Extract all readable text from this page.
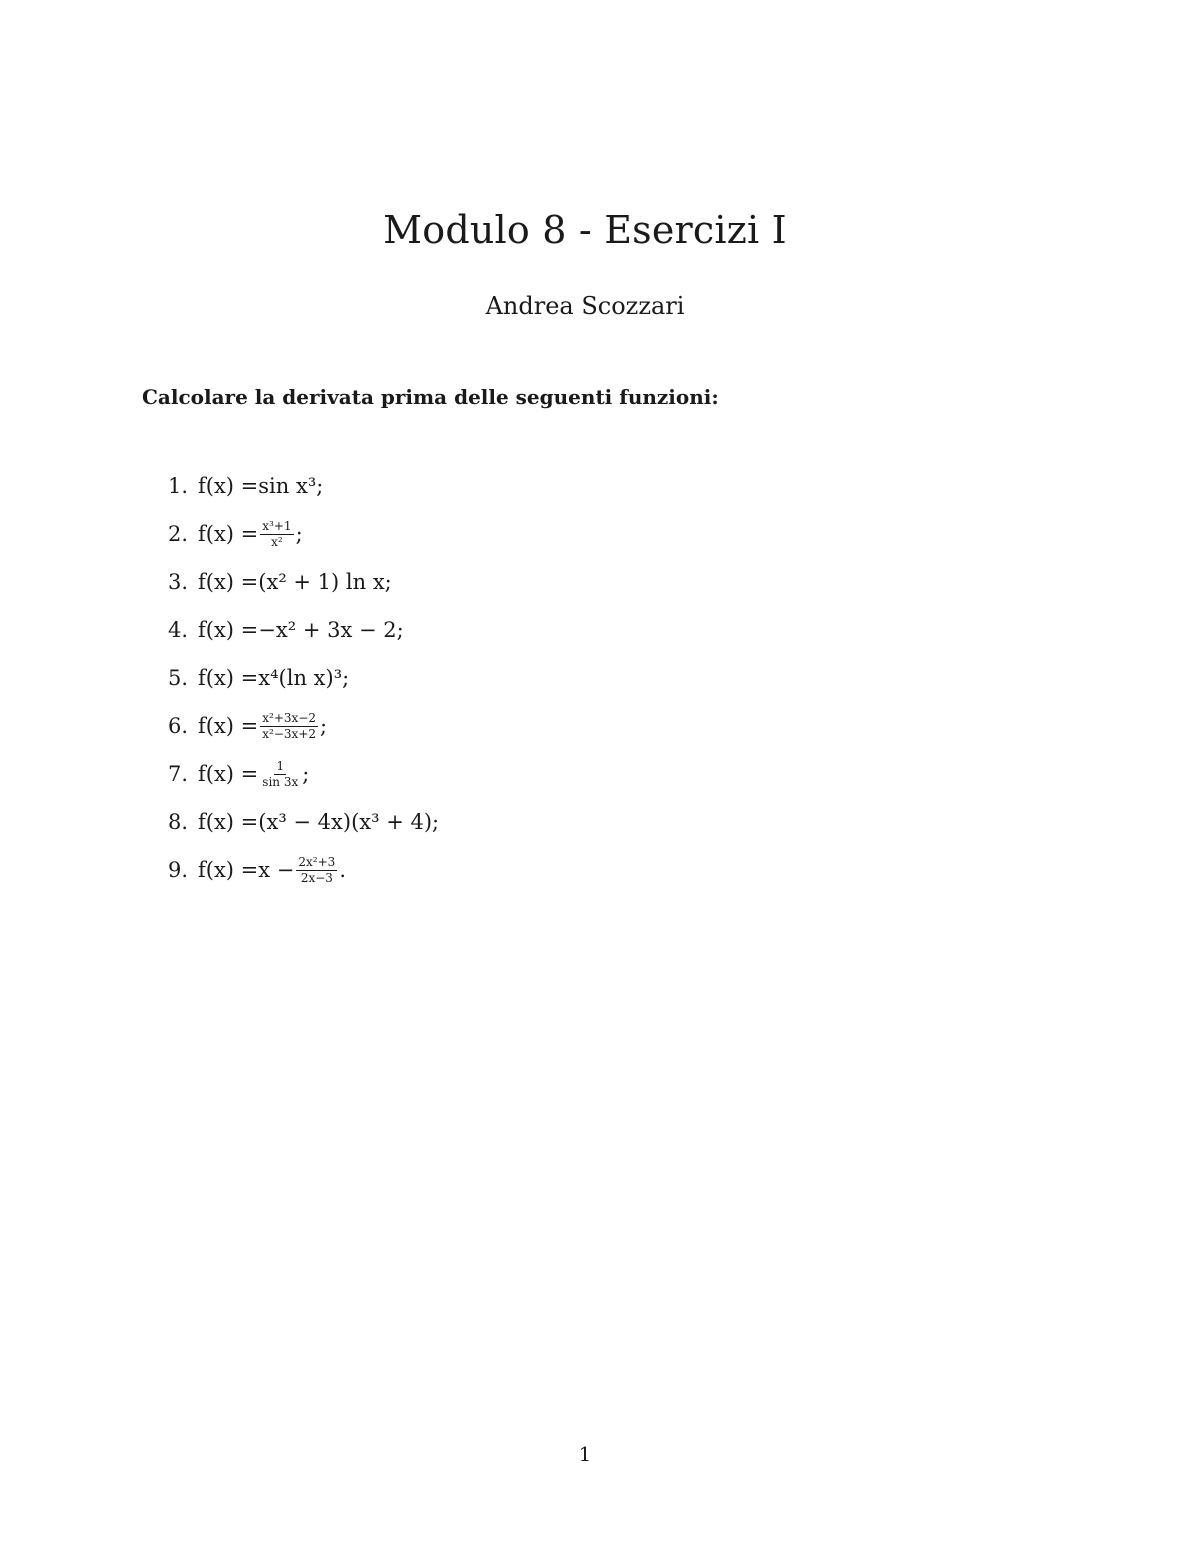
Modulo 8 - Esercizi I

Andrea Scozzari

Calcolare la derivata prima delle seguenti funzioni:

1. f(x) = sin x³;
2. $f(x) = \frac{\text{x³+1}}{\text{x²}}$ ;
3. f(x) = (x² + 1) ln x;
4. f(x) = −x² + 3x − 2;
5. f(x) = x⁴(ln x)³;
6. $f(x) = \frac{\text{x²+3x−2}}{\text{x²−3x+2}}$ ;
7. $f(x) = \frac{1}{\sin 3x}$ ;
8. f(x) = (x³ − 4x)(x³ + 4);
9. $f(x) = x - \frac{\text{2x²+3}}{2x-3}$ .

1
